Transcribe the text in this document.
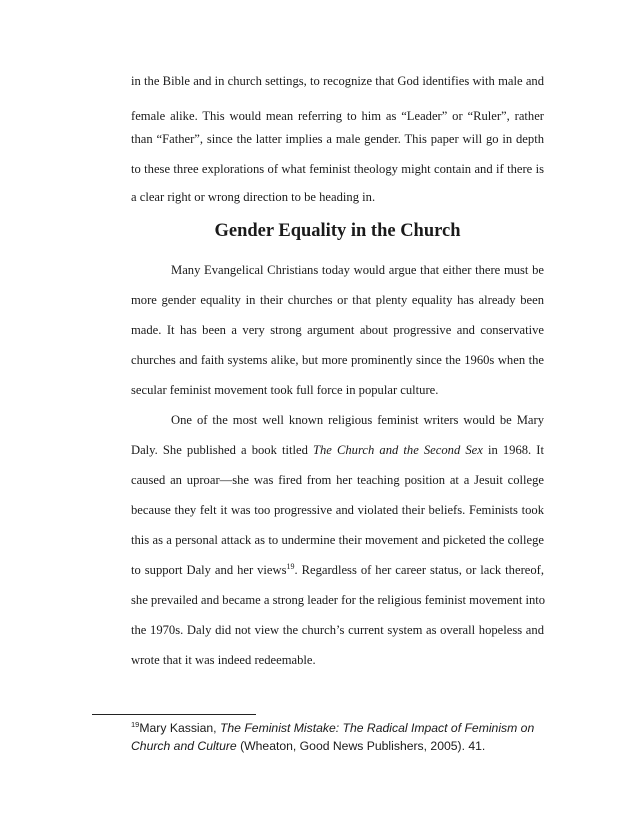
in the Bible and in church settings, to recognize that God identifies with male and
female alike. This would mean referring to him as “Leader” or “Ruler”, rather
than “Father”, since the latter implies a male gender. This paper will go in depth
to these three explorations of what feminist theology might contain and if there is
a clear right or wrong direction to be heading in.
Gender Equality in the Church
Many Evangelical Christians today would argue that either there must be
more gender equality in their churches or that plenty equality has already been
made. It has been a very strong argument about progressive and conservative
churches and faith systems alike, but more prominently since the 1960s when the
secular feminist movement took full force in popular culture.
One of the most well known religious feminist writers would be Mary
Daly. She published a book titled The Church and the Second Sex in 1968. It
caused an uproar—she was fired from her teaching position at a Jesuit college
because they felt it was too progressive and violated their beliefs. Feminists took
this as a personal attack as to undermine their movement and picketed the college
to support Daly and her views$^{19}$. Regardless of her career status, or lack thereof,
she prevailed and became a strong leader for the religious feminist movement into
the 1970s. Daly did not view the church’s current system as overall hopeless and
wrote that it was indeed redeemable.
$^{19}$Mary Kassian, The Feminist Mistake: The Radical Impact of Feminism on
Church and Culture (Wheaton, Good News Publishers, 2005). 41.
